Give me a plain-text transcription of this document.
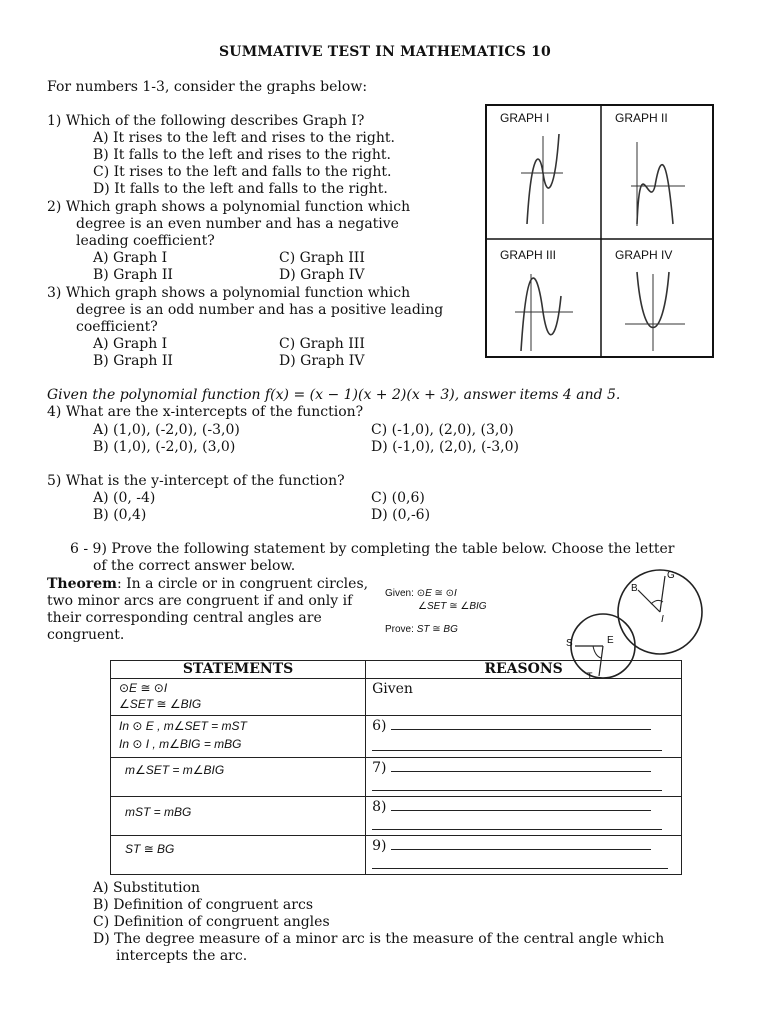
SUMMATIVE TEST IN MATHEMATICS 10
For numbers 1-3, consider the graphs below:
1) Which of the following describes Graph I?
A) It rises to the left and rises to the right.
B) It falls to the left and rises to the right.
C) It rises to the left and falls to the right.
D) It falls to the left and falls to the right.
2) Which graph shows a polynomial function which
degree is an even number and has a negative
leading coefficient?
A) Graph I	C) Graph III
B) Graph II	D) Graph IV
3) Which graph shows a polynomial function which
degree is an odd number and has a positive leading
coefficient?
A) Graph I	C) Graph III
B) Graph II	D) Graph IV
GRAPH I	GRAPH II
GRAPH III	GRAPH IV
Given the polynomial function f(x) = (x − 1)(x + 2)(x + 3), answer items 4 and 5.
4) What are the x-intercepts of the function?
A) (1,0), (-2,0), (-3,0)	C) (-1,0), (2,0), (3,0)
B) (1,0), (-2,0), (3,0)	D) (-1,0), (2,0), (-3,0)
5) What is the y-intercept of the function?
A) (0, -4)	C) (0,6)
B) (0,4)	D) (0,-6)
6 - 9) Prove the following statement by completing the table below. Choose the letter
of the correct answer below.
Theorem: In a circle or in congruent circles,
two minor arcs are congruent if and only if
their corresponding central angles are
congruent.
Given: ⊙E ≅ ⊙I
∠SET ≅ ∠BIG
Prove: ST ≅ BG
B
G
I
S	E
T
STATEMENTS	REASONS

⊙E ≅ ⊙I
∠SET ≅ ∠BIG	Given

In ⊙ E , m∠SET = mST
In ⊙ I , m∠BIG = mBG	6)

m∠SET = m∠BIG	7)

mST = mBG	8)

ST ≅ BG	9)
A) Substitution
B) Definition of congruent arcs
C) Definition of congruent angles
D) The degree measure of a minor arc is the measure of the central angle which
intercepts the arc.
